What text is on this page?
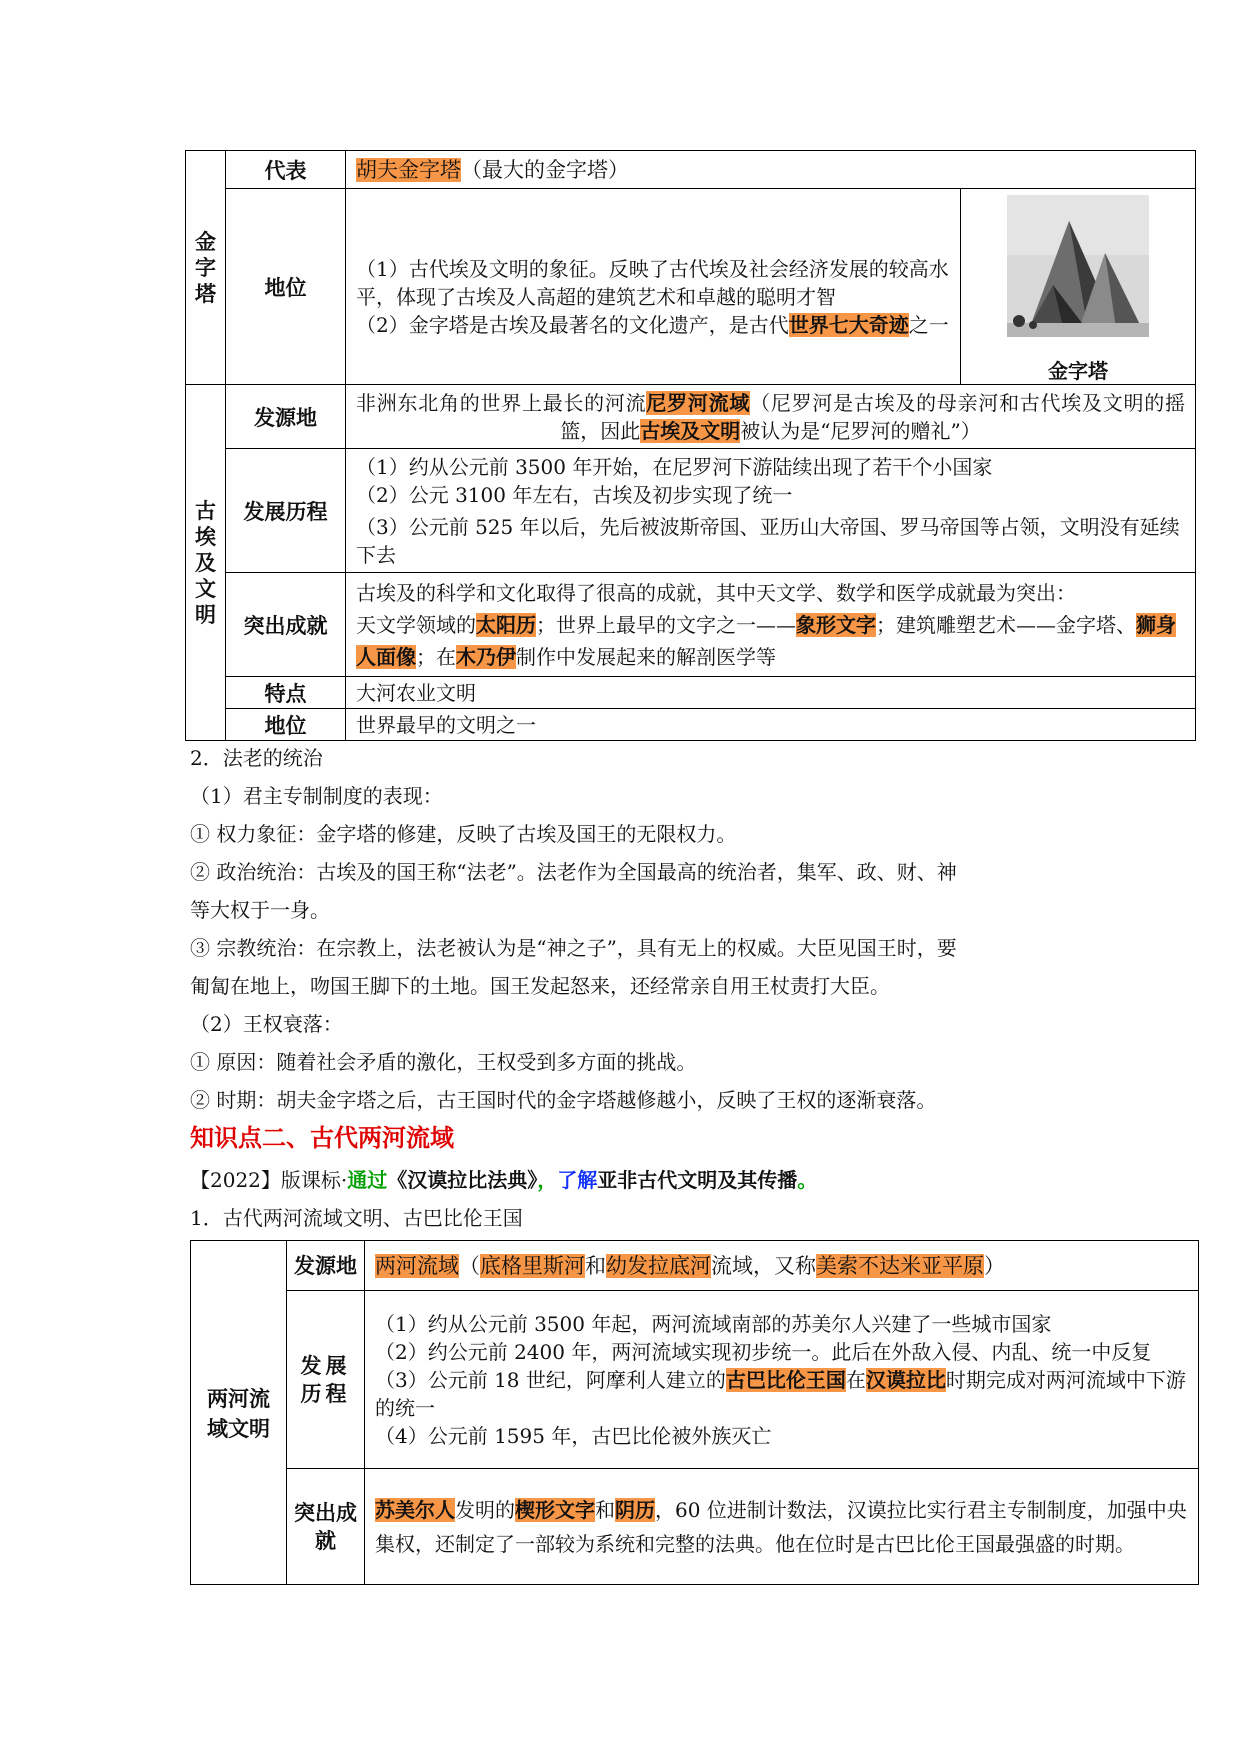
金字塔	代表	胡夫金字塔（最大的金字塔）	
	地位	（1）古代埃及文明的象征。反映了古代埃及社会经济发展的较高水平，体现了古埃及人高超的建筑艺术和卓越的聪明才智
（2）金字塔是古埃及最著名的文化遗产，是古代世界七大奇迹之一	金字塔

古埃及文明	发源地	非洲东北角的世界上最长的河流尼罗河流域（尼罗河是古埃及的母亲河和古代埃及文明的摇篮，因此古埃及文明被认为是“尼罗河的赠礼”）	
	发展历程	（1）约从公元前 3500 年开始，在尼罗河下游陆续出现了若干个小国家
（2）公元 3100 年左右，古埃及初步实现了统一
（3）公元前 525 年以后，先后被波斯帝国、亚历山大帝国、罗马帝国等占领，文明没有延续下去	

	突出成就	古埃及的科学和文化取得了很高的成就，其中天文学、数学和医学成就最为突出：
天文学领域的太阳历；世界上最早的文字之一——象形文字；建筑雕塑艺术——金字塔、狮身人面像；在木乃伊制作中发展起来的解剖医学等	

	特点	大河农业文明	
	地位	世界最早的文明之一	
2．法老的统治
（1）君主专制制度的表现：
① 权力象征：金字塔的修建，反映了古埃及国王的无限权力。
② 政治统治：古埃及的国王称“法老”。法老作为全国最高的统治者，集军、政、财、神
等大权于一身。
③ 宗教统治：在宗教上，法老被认为是“神之子”，具有无上的权威。大臣见国王时，要
匍匐在地上，吻国王脚下的土地。国王发起怒来，还经常亲自用王杖责打大臣。
（2）王权衰落：
① 原因：随着社会矛盾的激化，王权受到多方面的挑战。
② 时期：胡夫金字塔之后，古王国时代的金字塔越修越小，反映了王权的逐渐衰落。
知识点二、古代两河流域
【2022】版课标·通过《汉谟拉比法典》，了解亚非古代文明及其传播。
1．古代两河流域文明、古巴比伦王国
两河流域文明	发源地	两河流域（底格里斯河和幼发拉底河流域，又称美索不达米亚平原）
	发展历程	（1）约从公元前 3500 年起，两河流域南部的苏美尔人兴建了一些城市国家
（2）约公元前 2400 年，两河流域实现初步统一。此后在外敌入侵、内乱、统一中反复
（3）公元前 18 世纪，阿摩利人建立的古巴比伦王国在汉谟拉比时期完成对两河流域中下游的统一
（4）公元前 1595 年，古巴比伦被外族灭亡

	突出成就	苏美尔人发明的楔形文字和阴历，60 位进制计数法，汉谟拉比实行君主专制制度，加强中央集权，还制定了一部较为系统和完整的法典。他在位时是古巴比伦王国最强盛的时期。
